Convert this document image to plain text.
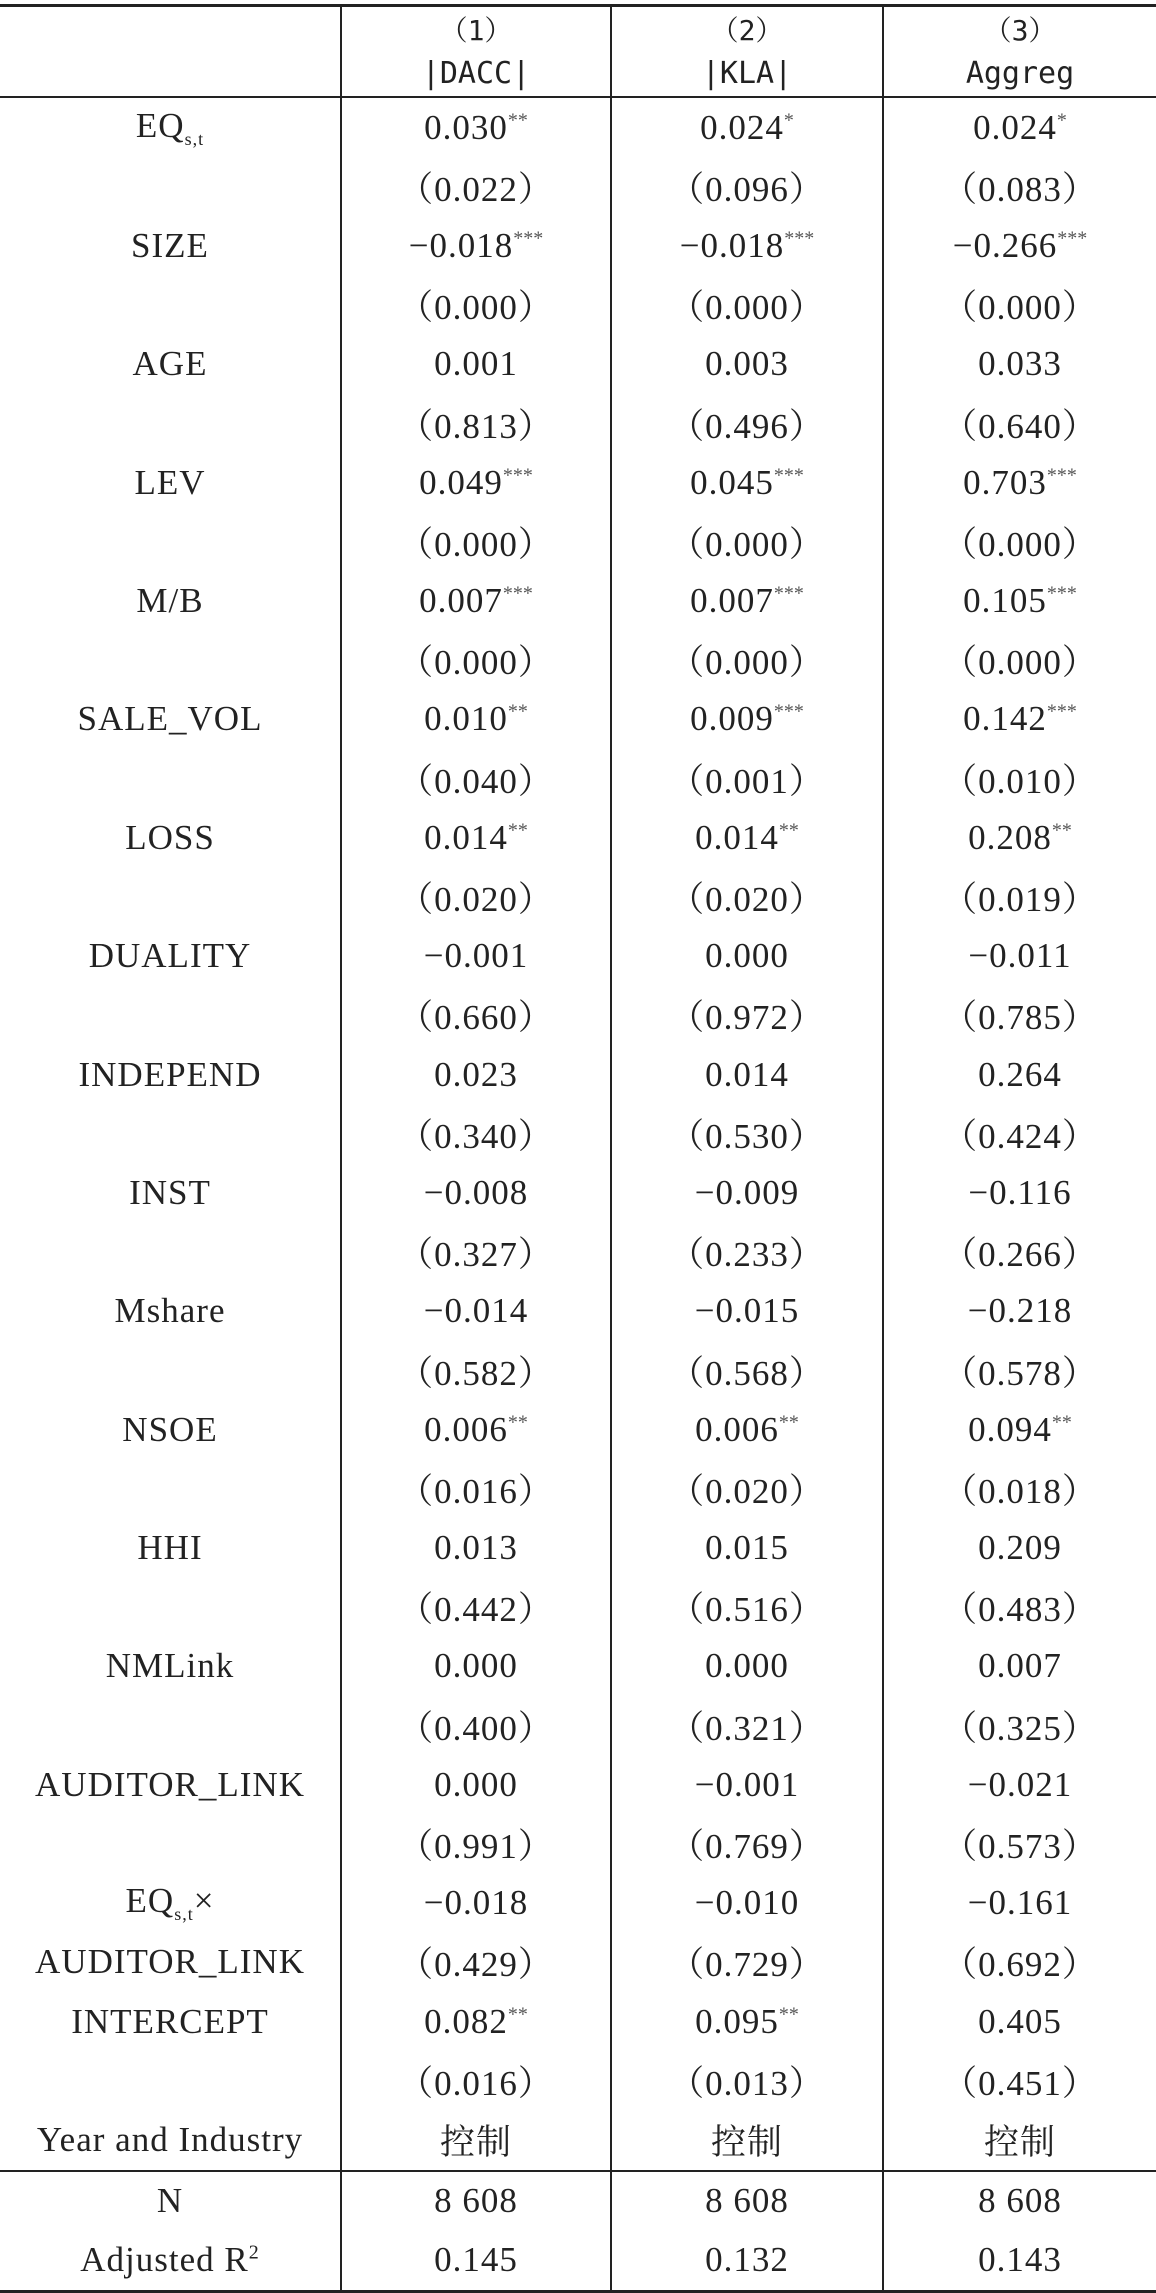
	（1）	（2）	（3）
	|DACC|	|KLA|	Aggreg
$EQ_{s,t}$	0.030**	0.024*	0.024*
	（0.022）	（0.096）	（0.083）
SIZE	−0.018***	−0.018***	−0.266***
	（0.000）	（0.000）	（0.000）
AGE	0.001	0.003	0.033
	（0.813）	（0.496）	（0.640）
LEV	0.049***	0.045***	0.703***
	（0.000）	（0.000）	（0.000）
M/B	0.007***	0.007***	0.105***
	（0.000）	（0.000）	（0.000）
SALE_VOL	0.010**	0.009***	0.142***
	（0.040）	（0.001）	（0.010）
LOSS	0.014**	0.014**	0.208**
	（0.020）	（0.020）	（0.019）
DUALITY	−0.001	0.000	−0.011
	（0.660）	（0.972）	（0.785）
INDEPEND	0.023	0.014	0.264
	（0.340）	（0.530）	（0.424）
INST	−0.008	−0.009	−0.116
	（0.327）	（0.233）	（0.266）
Mshare	−0.014	−0.015	−0.218
	（0.582）	（0.568）	（0.578）
NSOE	0.006**	0.006**	0.094**
	（0.016）	（0.020）	（0.018）
HHI	0.013	0.015	0.209
	（0.442）	（0.516）	（0.483）
NMLink	0.000	0.000	0.007
	（0.400）	（0.321）	（0.325）
AUDITOR_LINK	0.000	−0.001	−0.021
	（0.991）	（0.769）	（0.573）
$EQ_{s,t}\times$	−0.018	−0.010	−0.161
AUDITOR_LINK	（0.429）	（0.729）	（0.692）
INTERCEPT	0.082**	0.095**	0.405
	（0.016）	（0.013）	（0.451）
Year and Industry	控制	控制	控制
N	8 608	8 608	8 608
Adjusted $R^2$	0.145	0.132	0.143
